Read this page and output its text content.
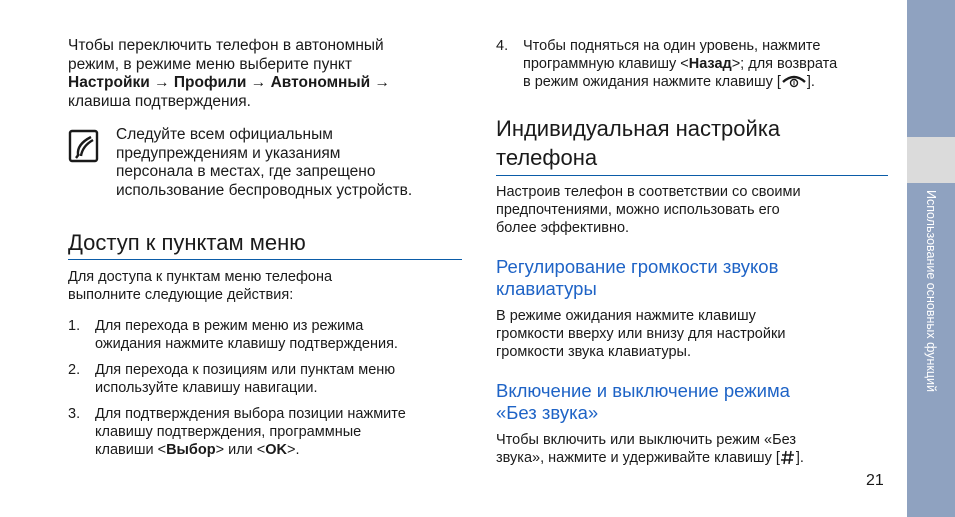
Чтобы переключить телефон в автономный

режим, в режиме меню выберите пункт

Настройки → Профили → Автономный →

клавиша подтверждения.

Следуйте всем официальным

предупреждениям и указаниям

персонала в местах, где запрещено

использование беспроводных устройств.

Доступ к пунктам меню

Для доступа к пунктам меню телефона

выполните следующие действия:

1. Для перехода в режим меню из режима

ожидания нажмите клавишу подтверждения.

2. Для перехода к позициям или пунктам меню

используйте клавишу навигации.

3. Для подтверждения выбора позиции нажмите

клавишу подтверждения, программные

клавиши <Выбор> или <OK>.

4. Чтобы подняться на один уровень, нажмите

программную клавишу <Назад>; для возврата

в режим ожидания нажмите клавишу [ ].

Индивидуальная настройка
телефона

Настроив телефон в соответствии со своими

предпочтениями, можно использовать его

более эффективно.

Регулирование громкости звуков
клавиатуры

В режиме ожидания нажмите клавишу

громкости вверху или внизу для настройки

громкости звука клавиатуры.

Включение и выключение режима
«Без звука»

Чтобы включить или выключить режим «Без

звука», нажмите и удерживайте клавишу [ ].

Использование основных функций
21
